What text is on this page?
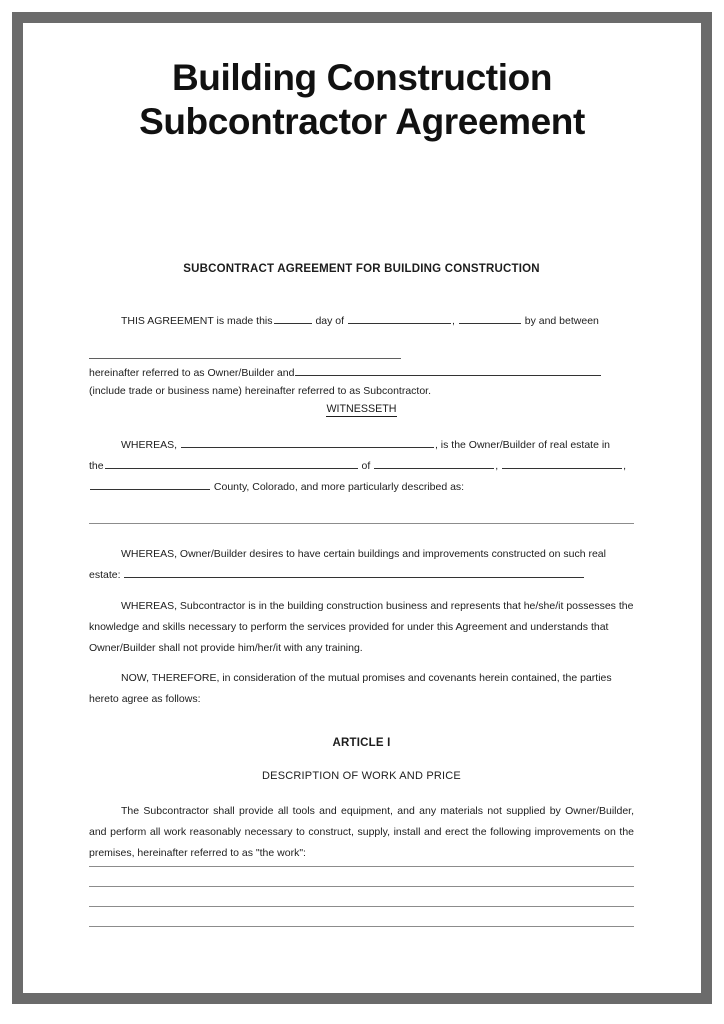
Building Construction
Subcontractor Agreement
SUBCONTRACT AGREEMENT FOR BUILDING CONSTRUCTION

THIS AGREEMENT is made this	day of	,	by and between

hereinafter referred to as Owner/Builder and

(include trade or business name) hereinafter referred to as Subcontractor.

WITNESSETH

WHEREAS,	, is the Owner/Builder of real estate in

the	of	,	,

County, Colorado, and more particularly described as:

WHEREAS, Owner/Builder desires to have certain buildings and improvements constructed on such real

estate:

WHEREAS, Subcontractor is in the building construction business and represents that he/she/it possesses the knowledge and skills necessary to perform the services provided for under this Agreement and understands that Owner/Builder shall not provide him/her/it with any training.

NOW, THEREFORE, in consideration of the mutual promises and covenants herein contained, the parties hereto agree as follows:

ARTICLE I
DESCRIPTION OF WORK AND PRICE

The Subcontractor shall provide all tools and equipment, and any materials not supplied by Owner/Builder, and perform all work reasonably necessary to construct, supply, install and erect the following improvements on the premises, hereinafter referred to as "the work":
